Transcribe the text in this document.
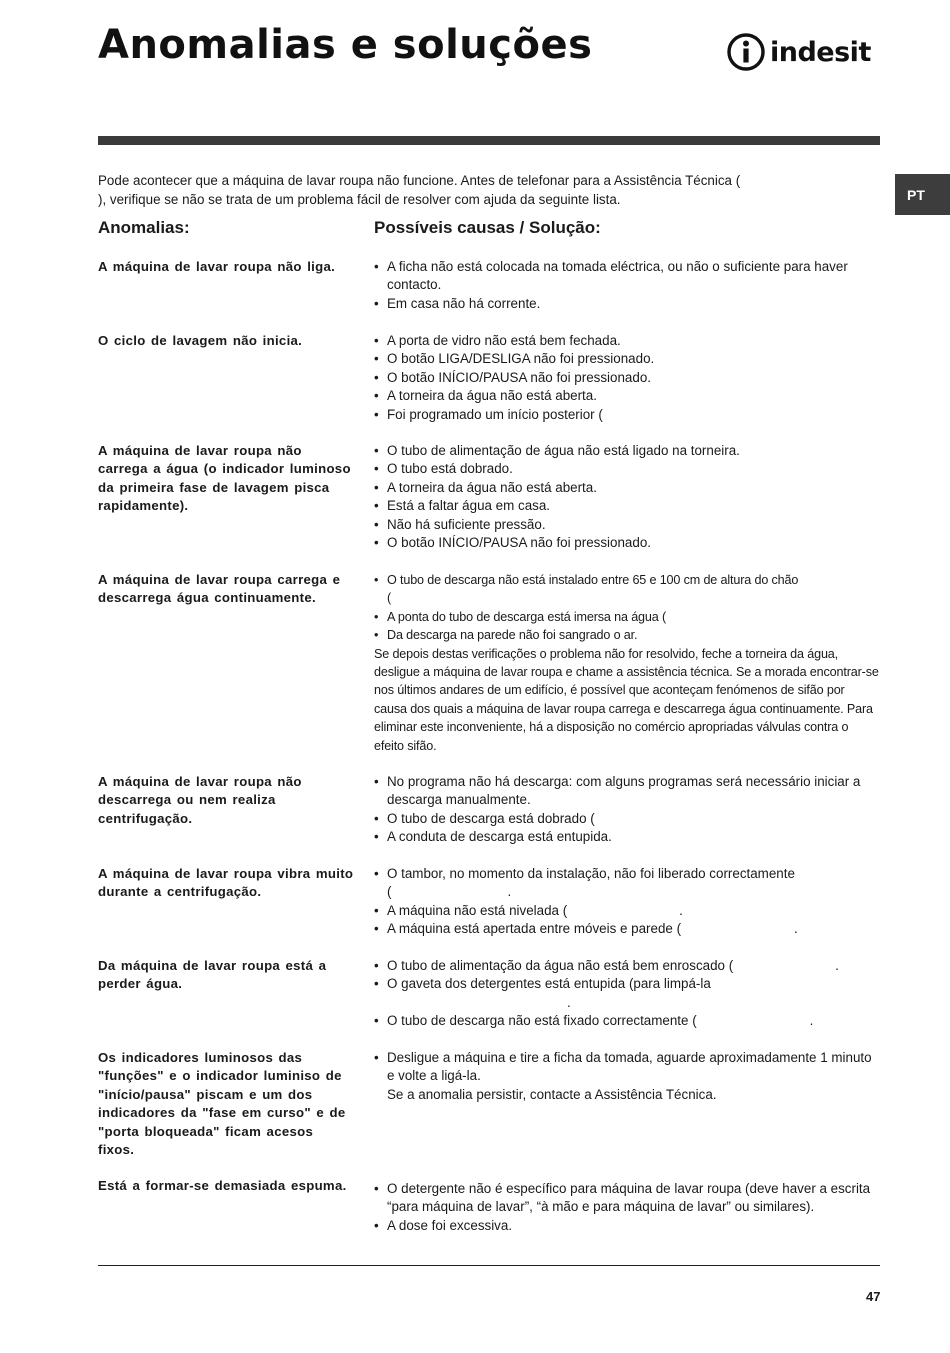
Anomalias e soluções	indesit
PT

Pode acontecer que a máquina de lavar roupa não funcione. Antes de telefonar para a Assistência Técnica (), verifique se não se trata de um problema fácil de resolver com ajuda da seguinte lista.

Anomalias:	Possíveis causas / Solução:

A máquina de lavar roupa não liga.	• A ficha não está colocada na tomada eléctrica, ou não o suficiente para haver contacto.
• Em casa não há corrente.

O ciclo de lavagem não inicia.	• A porta de vidro não está bem fechada.
• O botão LIGA/DESLIGA não foi pressionado.
• O botão INÍCIO/PAUSA não foi pressionado.
• A torneira da água não está aberta.
• Foi programado um início posterior (

A máquina de lavar roupa não carrega a água (o indicador luminoso da primeira fase de lavagem pisca rapidamente).

• O tubo de alimentação de água não está ligado na torneira.
• O tubo está dobrado.
• A torneira da água não está aberta.
• Está a faltar água em casa.
• Não há suficiente pressão.
• O botão INÍCIO/PAUSA não foi pressionado.

A máquina de lavar roupa carrega e descarrega água continuamente.

• O tubo de descarga não está instalado entre 65 e 100 cm de altura do chão
(
• A ponta do tubo de descarga está imersa na água (
• Da descarga na parede não foi sangrado o ar.
Se depois destas verificações o problema não for resolvido, feche a torneira da água, desligue a máquina de lavar roupa e chame a assistência técnica. Se a morada encontrar-se nos últimos andares de um edifício, é possível que aconteçam fenómenos de sifão por causa dos quais a máquina de lavar roupa carrega e descarrega água continuamente. Para eliminar este inconveniente, há a disposição no comércio apropriadas válvulas contra o efeito sifão.

A máquina de lavar roupa não descarrega ou nem realiza centrifugação.

• No programa não há descarga: com alguns programas será necessário iniciar a descarga manualmente.
• O tubo de descarga está dobrado (
• A conduta de descarga está entupida.

A máquina de lavar roupa vibra muito durante a centrifugação.

• O tambor, no momento da instalação, não foi liberado correctamente
(	.
• A máquina não está nivelada (	.
• A máquina está apertada entre móveis e parede (	.

Da máquina de lavar roupa está a perder água.

• O tubo de alimentação da água não está bem enroscado (	.
• O gaveta dos detergentes está entupida (para limpá-la
.
• O tubo de descarga não está fixado correctamente (	.

Os indicadores luminosos das "funções" e o indicador luminiso de "início/pausa" piscam e um dos indicadores da "fase em curso" e de "porta bloqueada" ficam acesos fixos.

• Desligue a máquina e tire a ficha da tomada, aguarde aproximadamente 1 minuto e volte a ligá-la.
Se a anomalia persistir, contacte a Assistência Técnica.

Está a formar-se demasiada espuma.	• O detergente não é específico para máquina de lavar roupa (deve haver a escrita “para máquina de lavar”, “à mão e para máquina de lavar” ou similares).
• A dose foi excessiva.
47
